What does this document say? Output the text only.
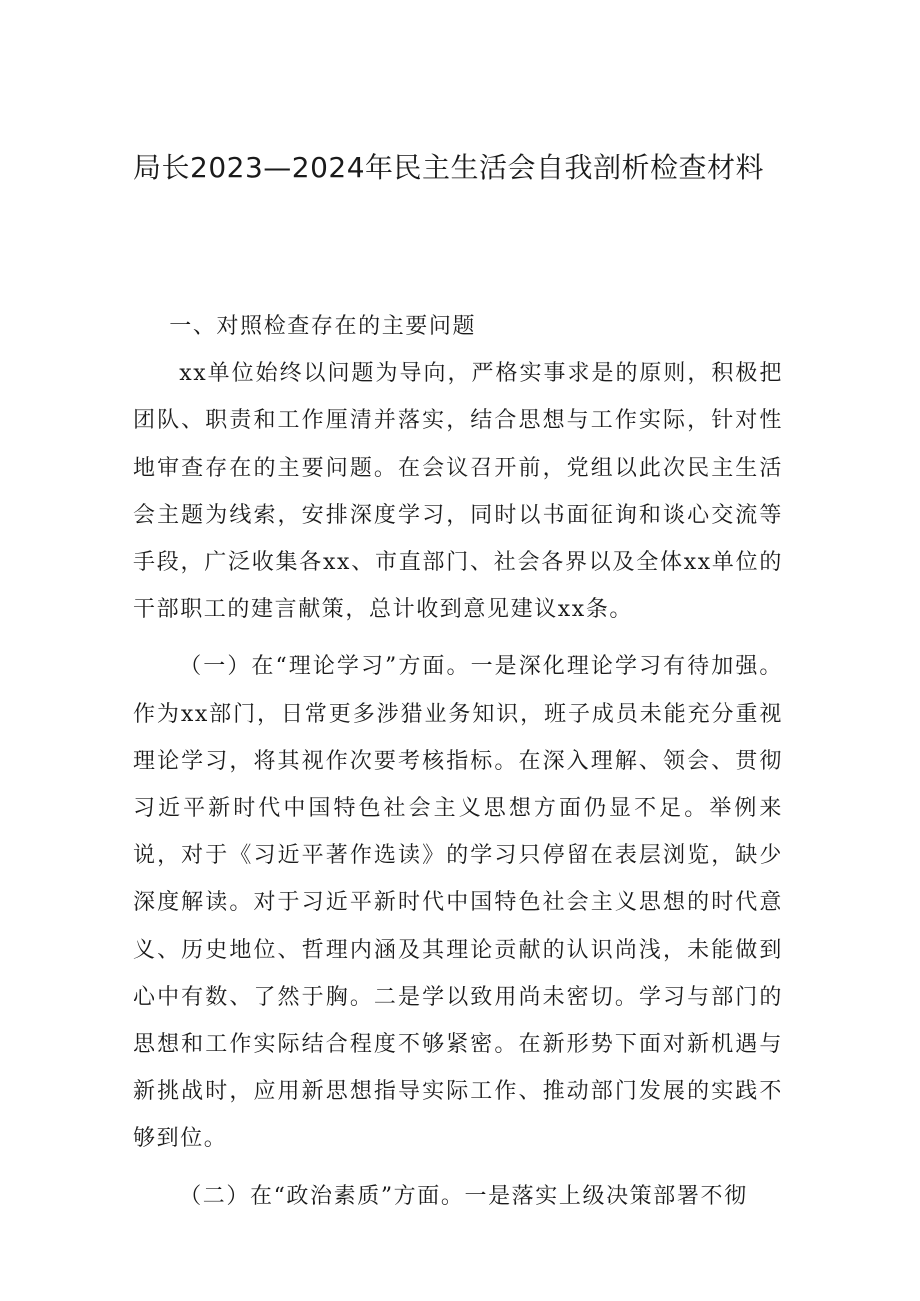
局长2023—2024年民主生活会自我剖析检查材料

一、对照检查存在的主要问题

xx单位始终以问题为导向，严格实事求是的原则，积极把团队、职责和工作厘清并落实，结合思想与工作实际，针对性地审查存在的主要问题。在会议召开前，党组以此次民主生活会主题为线索，安排深度学习，同时以书面征询和谈心交流等手段，广泛收集各xx、市直部门、社会各界以及全体xx单位的干部职工的建言献策，总计收到意见建议xx条。

（一）在“理论学习”方面。一是深化理论学习有待加强。作为xx部门，日常更多涉猎业务知识，班子成员未能充分重视理论学习，将其视作次要考核指标。在深入理解、领会、贯彻习近平新时代中国特色社会主义思想方面仍显不足。举例来说，对于《习近平著作选读》的学习只停留在表层浏览，缺少深度解读。对于习近平新时代中国特色社会主义思想的时代意义、历史地位、哲理内涵及其理论贡献的认识尚浅，未能做到心中有数、了然于胸。二是学以致用尚未密切。学习与部门的思想和工作实际结合程度不够紧密。在新形势下面对新机遇与新挑战时，应用新思想指导实际工作、推动部门发展的实践不够到位。

（二）在“政治素质”方面。一是落实上级决策部署不彻
